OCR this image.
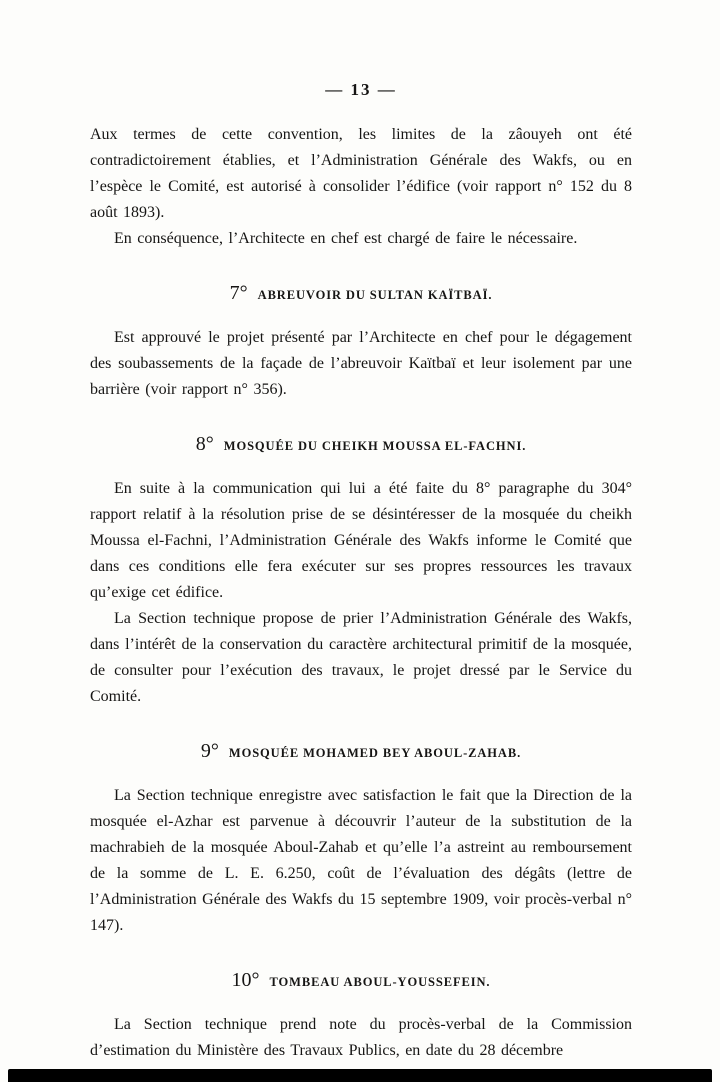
— 13 —

Aux termes de cette convention, les limites de la zâouyeh ont été contradictoirement établies, et l’Administration Générale des Wakfs, ou en l’espèce le Comité, est autorisé à consolider l’édifice (voir rapport n° 152 du 8 août 1893).

En conséquence, l’Architecte en chef est chargé de faire le nécessaire.

7° ABREUVOIR DU SULTAN KAÏTBAÏ.

Est approuvé le projet présenté par l’Architecte en chef pour le dégagement des soubassements de la façade de l’abreuvoir Kaïtbaï et leur isolement par une barrière (voir rapport n° 356).

8° MOSQUÉE DU CHEIKH MOUSSA EL-FACHNI.

En suite à la communication qui lui a été faite du 8° paragraphe du 304° rapport relatif à la résolution prise de se désintéresser de la mosquée du cheikh Moussa el-Fachni, l’Administration Générale des Wakfs informe le Comité que dans ces conditions elle fera exécuter sur ses propres ressources les travaux qu’exige cet édifice.

La Section technique propose de prier l’Administration Générale des Wakfs, dans l’intérêt de la conservation du caractère architectural primitif de la mosquée, de consulter pour l’exécution des travaux, le projet dressé par le Service du Comité.

9° MOSQUÉE MOHAMED BEY ABOUL-ZAHAB.

La Section technique enregistre avec satisfaction le fait que la Direction de la mosquée el-Azhar est parvenue à découvrir l’auteur de la substitution de la machrabieh de la mosquée Aboul-Zahab et qu’elle l’a astreint au remboursement de la somme de L. E. 6.250, coût de l’évaluation des dégâts (lettre de l’Administration Générale des Wakfs du 15 septembre 1909, voir procès-verbal n° 147).

10° TOMBEAU ABOUL-YOUSSEFEIN.

La Section technique prend note du procès-verbal de la Commission d’estimation du Ministère des Travaux Publics, en date du 28 décembre
